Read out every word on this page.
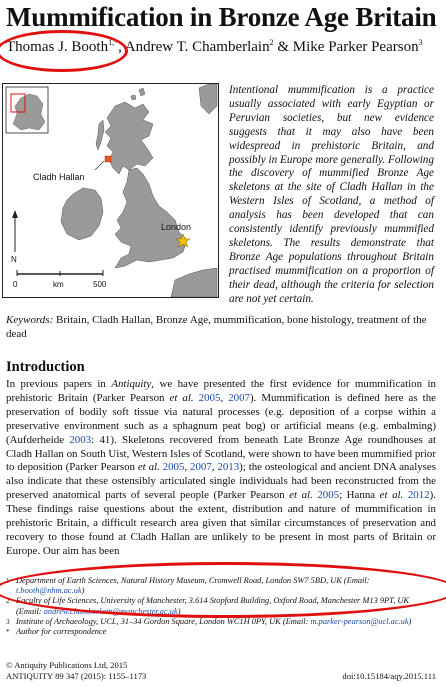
Mummification in Bronze Age Britain
Thomas J. Booth$^{1,*}$, Andrew T. Chamberlain$^2$ & Mike Parker Pearson$^3$
Cladh Hallan
London
N
0	km	500
Intentional mummification is a practice usually associated with early Egyptian or Peruvian societies, but new evidence suggests that it may also have been widespread in prehistoric Britain, and possibly in Europe more generally. Following the discovery of mummified Bronze Age skeletons at the site of Cladh Hallan in the Western Isles of Scotland, a method of analysis has been developed that can consistently identify previously mummified skeletons. The results demonstrate that Bronze Age populations throughout Britain practised mummification on a proportion of their dead, although the criteria for selection are not yet certain.
Keywords: Britain, Cladh Hallan, Bronze Age, mummification, bone histology, treatment of the dead
Introduction
In previous papers in Antiquity, we have presented the first evidence for mummification in prehistoric Britain (Parker Pearson et al. 2005, 2007). Mummification is defined here as the preservation of bodily soft tissue via natural processes (e.g. deposition of a corpse within a preservative environment such as a sphagnum peat bog) or artificial means (e.g. embalming) (Aufderheide 2003: 41). Skeletons recovered from beneath Late Bronze Age roundhouses at Cladh Hallan on South Uist, Western Isles of Scotland, were shown to have been mummified prior to deposition (Parker Pearson et al. 2005, 2007, 2013); the osteological and ancient DNA analyses also indicate that these ostensibly articulated single individuals had been reconstructed from the preserved anatomical parts of several people (Parker Pearson et al. 2005; Hanna et al. 2012). These findings raise questions about the extent, distribution and nature of mummification in prehistoric Britain, a difficult research area given that similar circumstances of preservation and recovery to those found at Cladh Hallan are unlikely to be present in most parts of Britain or Europe. Our aim has been
1 Department of Earth Sciences, Natural History Museum, Cromwell Road, London SW7 5BD, UK (Email: t.booth@nhm.ac.uk)
2 Faculty of Life Sciences, University of Manchester, 3.614 Stopford Building, Oxford Road, Manchester M13 9PT, UK (Email: andrew.chamberlain@manchester.ac.uk)
3 Institute of Archaeology, UCL, 31–34 Gordon Square, London WC1H 0PY, UK (Email: m.parker-pearson@ucl.ac.uk)
* Author for correspondence
© Antiquity Publications Ltd, 2015
ANTIQUITY 89 347 (2015): 1155–1173	doi:10.15184/aqy.2015.111
